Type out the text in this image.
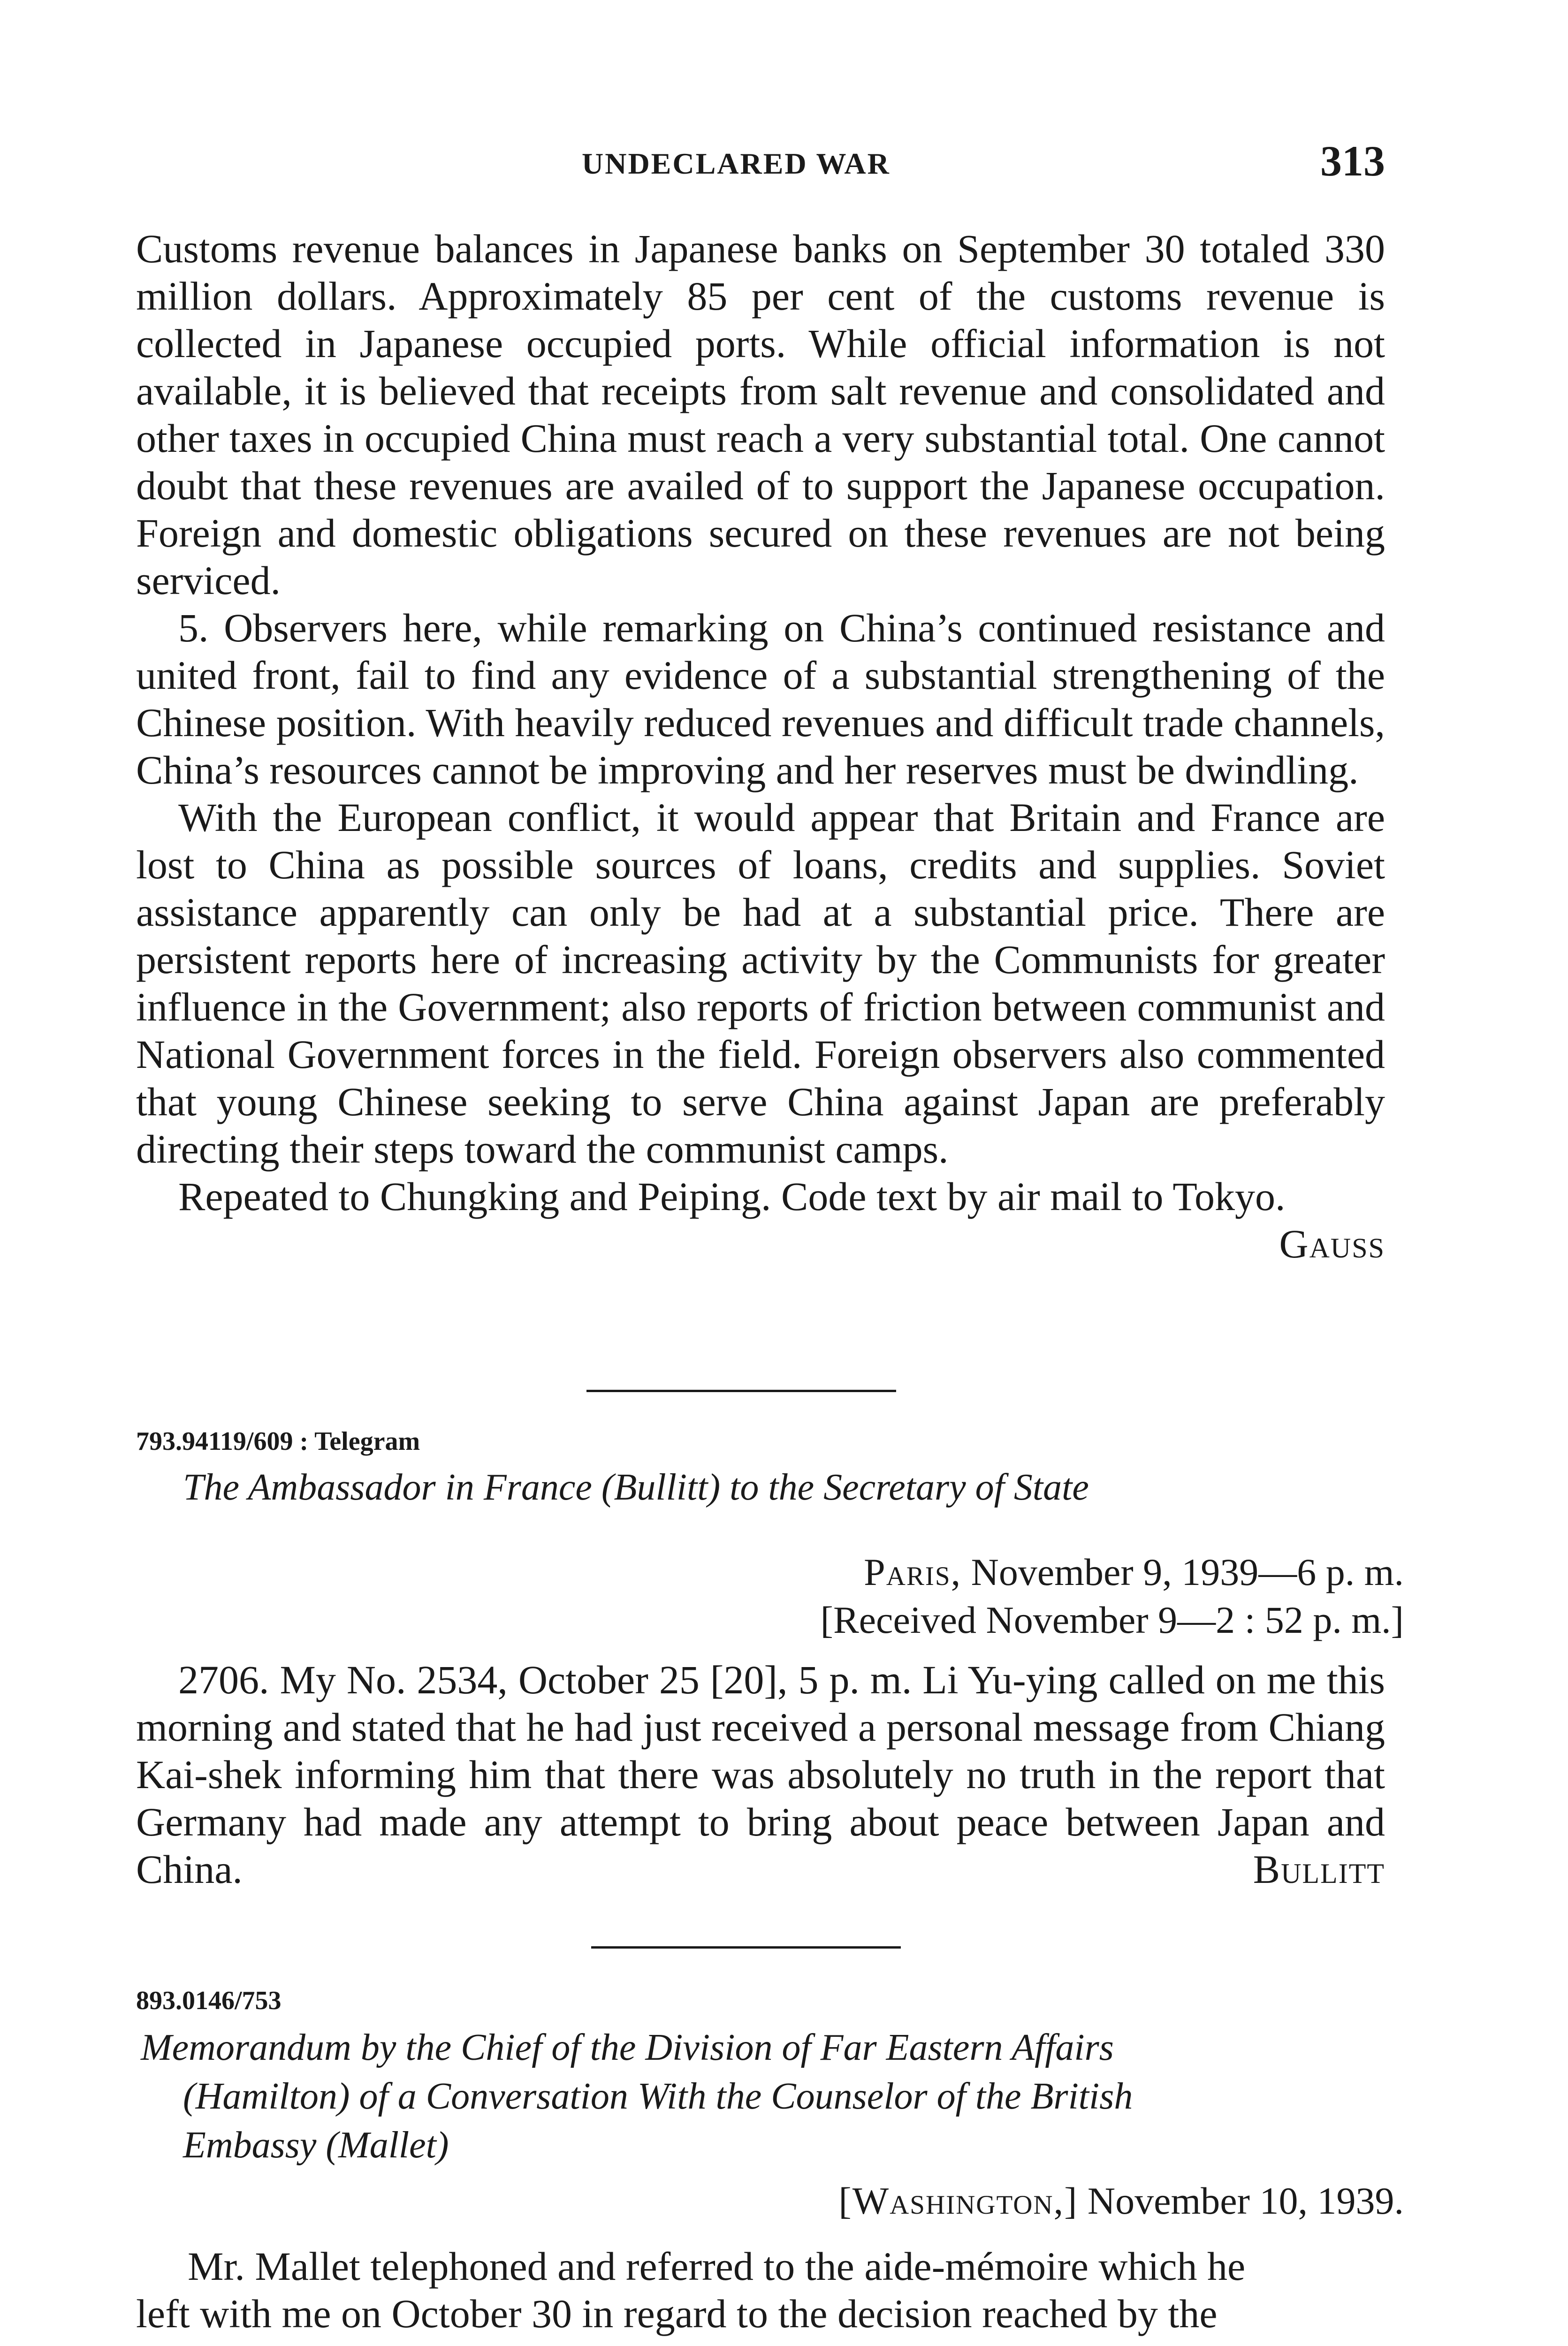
UNDECLARED WAR	313

Customs revenue balances in Japanese banks on September 30 totaled 330 million dollars. Approximately 85 per cent of the customs revenue is collected in Japanese occupied ports. While official information is not available, it is believed that receipts from salt revenue and consolidated and other taxes in occupied China must reach a very substantial total. One cannot doubt that these revenues are availed of to support the Japanese occupation. Foreign and domestic obligations secured on these revenues are not being serviced.

5. Observers here, while remarking on China’s continued resistance and united front, fail to find any evidence of a substantial strengthening of the Chinese position. With heavily reduced revenues and difficult trade channels, China’s resources cannot be improving and her reserves must be dwindling.

With the European conflict, it would appear that Britain and France are lost to China as possible sources of loans, credits and supplies. Soviet assistance apparently can only be had at a substantial price. There are persistent reports here of increasing activity by the Communists for greater influence in the Government; also reports of friction between communist and National Government forces in the field. Foreign observers also commented that young Chinese seeking to serve China against Japan are preferably directing their steps toward the communist camps.

Repeated to Chungking and Peiping. Code text by air mail to Tokyo.
Gauss

793.94119/609 : Telegram
The Ambassador in France (Bullitt) to the Secretary of State
Paris, November 9, 1939—6 p. m.
[Received November 9—2 : 52 p. m.]

2706. My No. 2534, October 25 [20], 5 p. m. Li Yu-ying called on me this morning and stated that he had just received a personal message from Chiang Kai-shek informing him that there was absolutely no truth in the report that Germany had made any attempt to bring about peace between Japan and China.	Bullitt

893.0146/753
Memorandum by the Chief of the Division of Far Eastern Affairs
(Hamilton) of a Conversation With the Counselor of the British
Embassy (Mallet)
[Washington,] November 10, 1939.
Mr. Mallet telephoned and referred to the aide-mémoire which he
left with me on October 30 in regard to the decision reached by the
